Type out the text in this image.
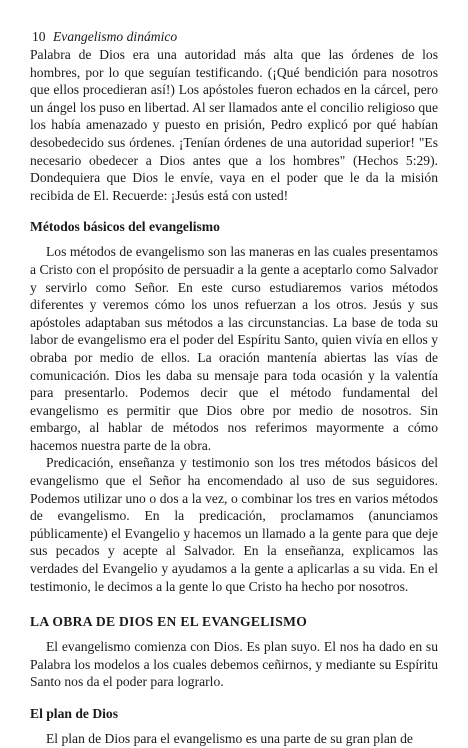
10 Evangelismo dinámico

Palabra de Dios era una autoridad más alta que las órdenes de los hombres, por lo que seguían testificando. (¡Qué bendición para nosotros que ellos procedieran así!) Los apóstoles fueron echados en la cárcel, pero un ángel los puso en libertad. Al ser llamados ante el concilio religioso que los había amenazado y puesto en prisión, Pedro explicó por qué habían desobedecido sus órdenes. ¡Tenían órdenes de una autoridad superior! "Es necesario obedecer a Dios antes que a los hombres" (Hechos 5:29). Dondequiera que Dios le envíe, vaya en el poder que le da la misión recibida de El. Recuerde: ¡Jesús está con usted!

Métodos básicos del evangelismo

Los métodos de evangelismo son las maneras en las cuales presentamos a Cristo con el propósito de persuadir a la gente a aceptarlo como Salvador y servirlo como Señor. En este curso estudiaremos varios métodos diferentes y veremos cómo los unos refuerzan a los otros. Jesús y sus apóstoles adaptaban sus métodos a las circunstancias. La base de toda su labor de evangelismo era el poder del Espíritu Santo, quien vivía en ellos y obraba por medio de ellos. La oración mantenía abiertas las vías de comunicación. Dios les daba su mensaje para toda ocasión y la valentía para presentarlo. Podemos decir que el método fundamental del evangelismo es permitir que Dios obre por medio de nosotros. Sin embargo, al hablar de métodos nos referimos mayormente a cómo hacemos nuestra parte de la obra.

Predicación, enseñanza y testimonio son los tres métodos básicos del evangelismo que el Señor ha encomendado al uso de sus seguidores. Podemos utilizar uno o dos a la vez, o combinar los tres en varios métodos de evangelismo. En la predicación, proclamamos (anunciamos públicamente) el Evangelio y hacemos un llamado a la gente para que deje sus pecados y acepte al Salvador. En la enseñanza, explicamos las verdades del Evangelio y ayudamos a la gente a aplicarlas a su vida. En el testimonio, le decimos a la gente lo que Cristo ha hecho por nosotros.

LA OBRA DE DIOS EN EL EVANGELISMO

El evangelismo comienza con Dios. Es plan suyo. El nos ha dado en su Palabra los modelos a los cuales debemos ceñirnos, y mediante su Espíritu Santo nos da el poder para lograrlo.

El plan de Dios

El plan de Dios para el evangelismo es una parte de su gran plan de
